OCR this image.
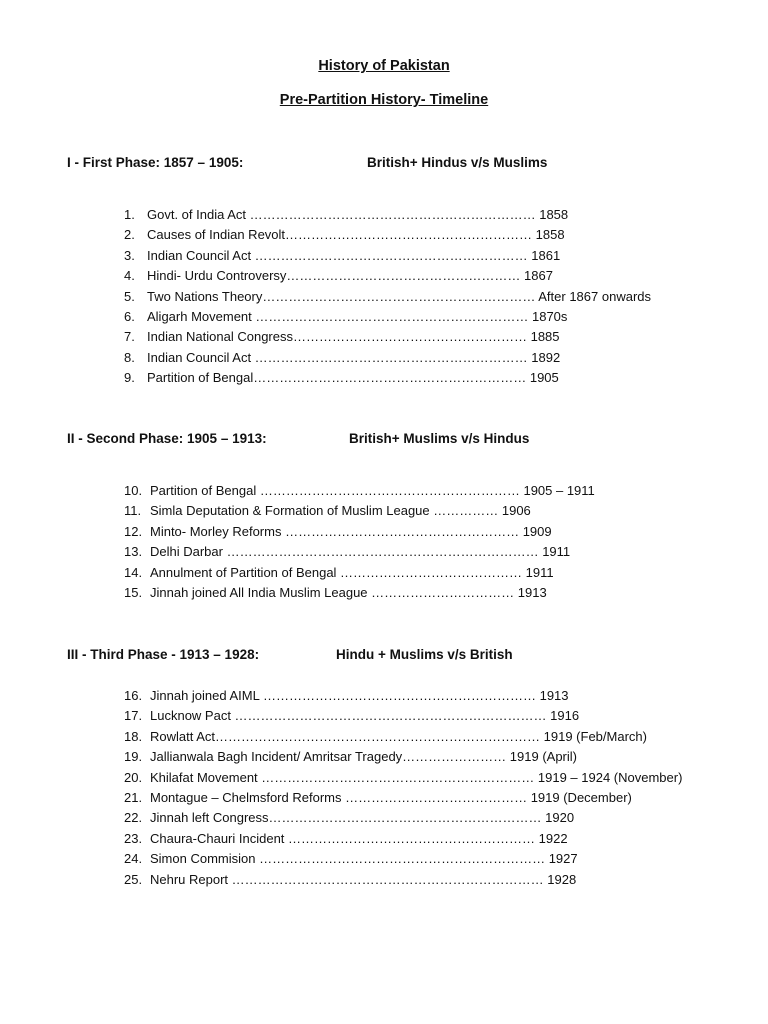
History of Pakistan
Pre-Partition History- Timeline
I - First Phase: 1857 – 1905:	British+ Hindus v/s Muslims
1. Govt. of India Act ………………………………………………………… 1858
2. Causes of Indian Revolt………………………………………………… 1858
3. Indian Council Act ……………………………………………………… 1861
4. Hindi- Urdu Controversy……………………………………………… 1867
5. Two Nations Theory……………………………………………………… After 1867 onwards
6. Aligarh Movement ……………………………………………………… 1870s
7. Indian National Congress……………………………………………… 1885
8. Indian Council Act ……………………………………………………… 1892
9. Partition of Bengal……………………………………………………… 1905
II - Second Phase: 1905 – 1913:	British+ Muslims v/s Hindus
10. Partition of Bengal …………………………………………………… 1905 – 1911
11. Simla Deputation & Formation of Muslim League …………… 1906
12. Minto- Morley Reforms ……………………………………………… 1909
13. Delhi Darbar ……………………………………………………………… 1911
14. Annulment of Partition of Bengal …………………………………… 1911
15. Jinnah joined All India Muslim League …………………………… 1913
III - Third Phase - 1913 – 1928:	Hindu + Muslims v/s British
16. Jinnah joined AIML ……………………………………………………… 1913
17. Lucknow Pact ……………………………………………………………… 1916
18. Rowlatt Act………………………………………………………………… 1919 (Feb/March)
19. Jallianwala Bagh Incident/ Amritsar Tragedy…………………… 1919 (April)
20. Khilafat Movement ……………………………………………………… 1919 – 1924 (November)
21. Montague – Chelmsford Reforms …………………………………… 1919 (December)
22. Jinnah left Congress……………………………………………………… 1920
23. Chaura-Chauri Incident ………………………………………………… 1922
24. Simon Commision ………………………………………………………… 1927
25. Nehru Report ……………………………………………………………… 1928
